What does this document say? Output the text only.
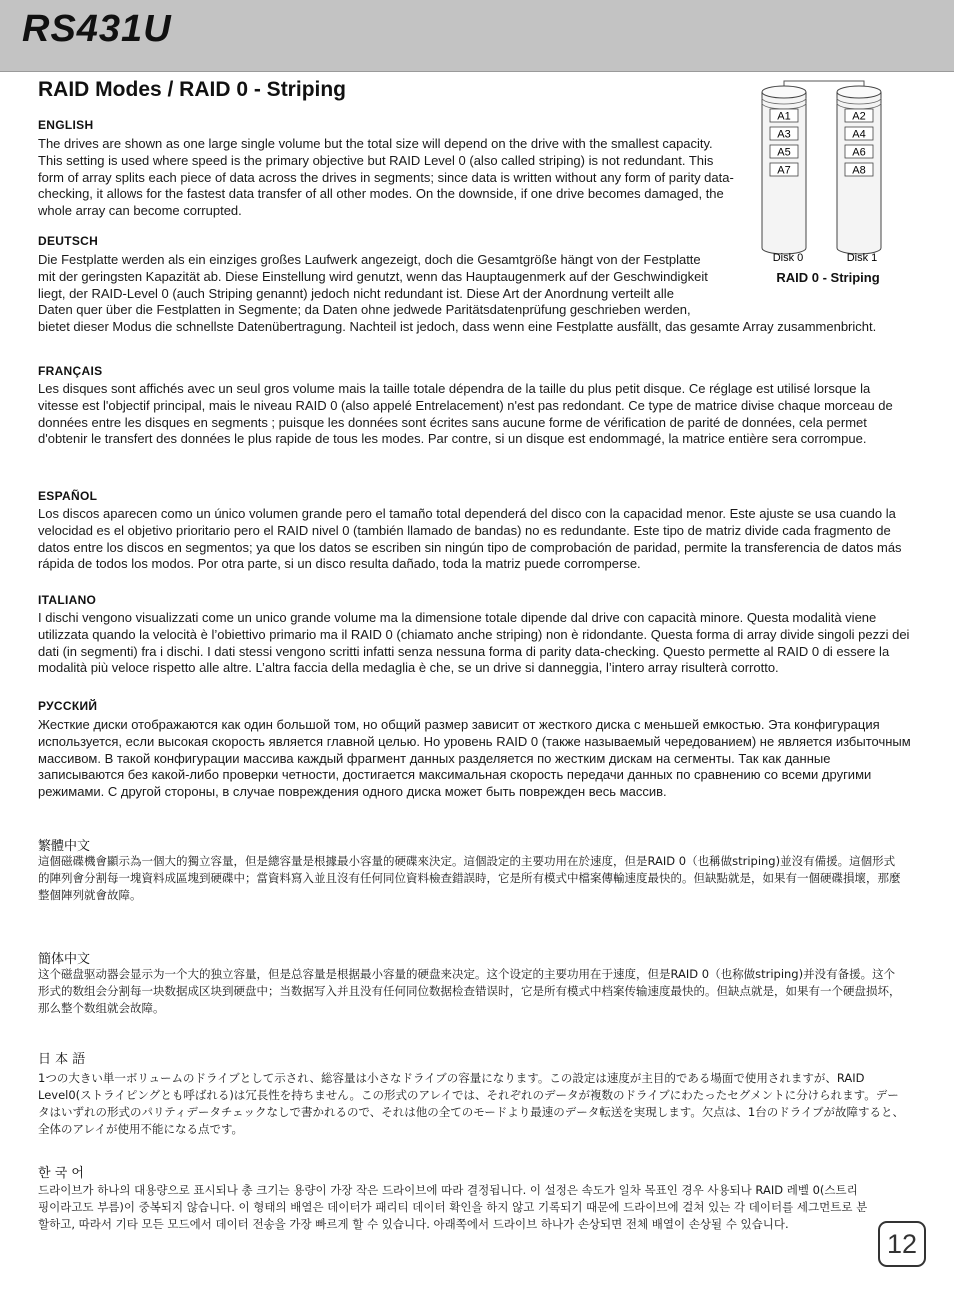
RS431U
RAID Modes / RAID 0 - Striping
A1
A3
A5
A7
A2
A4
A6
A8
Disk 0	Disk 1

RAID 0 - Striping

ENGLISH

The drives are shown as one large single volume but the total size will depend on the drive with the smallest capacity. This setting is used where speed is the primary objective but RAID Level 0 (also called striping) is not redundant. This form of array splits each piece of data across the drives in segments; since data is written without any form of parity data-checking, it allows for the fastest data transfer of all other modes. On the downside, if one drive becomes damaged, the whole array can become corrupted.

DEUTSCH
Die Festplatte werden als ein einziges großes Laufwerk angezeigt, doch die Gesamtgröße hängt von der Festplatte mit der geringsten Kapazität ab. Diese Einstellung wird genutzt, wenn das Hauptaugenmerk auf der Geschwindigkeit liegt, der RAID-Level 0 (auch Striping genannt) jedoch nicht redundant ist. Diese Art der Anordnung verteilt alle Daten quer über die Festplatten in Segmente; da Daten ohne jedwede Paritätsdatenprüfung geschrieben werden, bietet dieser Modus die schnellste Datenübertragung. Nachteil ist jedoch, dass wenn eine Festplatte ausfällt, das gesamte Array zusammenbricht.
FRANÇAIS

Les disques sont affichés avec un seul gros volume mais la taille totale dépendra de la taille du plus petit disque. Ce réglage est utilisé lorsque la vitesse est l'objectif principal, mais le niveau RAID 0 (also appelé Entrelacement) n'est pas redondant. Ce type de matrice divise chaque morceau de données entre les disques en segments ; puisque les données sont écrites sans aucune forme de vérification de parité de données, cela permet d'obtenir le transfert des données le plus rapide de tous les modes. Par contre, si un disque est endommagé, la matrice entière sera corrompue.

ESPAÑOL

Los discos aparecen como un único volumen grande pero el tamaño total dependerá del disco con la capacidad menor. Este ajuste se usa cuando la velocidad es el objetivo prioritario pero el RAID nivel 0 (también llamado de bandas) no es redundante. Este tipo de matriz divide cada fragmento de datos entre los discos en segmentos; ya que los datos se escriben sin ningún tipo de comprobación de paridad, permite la transferencia de datos más rápida de todos los modos. Por otra parte, si un disco resulta dañado, toda la matriz puede corromperse.

ITALIANO

I dischi vengono visualizzati come un unico grande volume ma la dimensione totale dipende dal drive con capacità minore. Questa modalità viene utilizzata quando la velocità è l’obiettivo primario ma il RAID 0 (chiamato anche striping) non è ridondante. Questa forma di array divide singoli pezzi dei dati (in segmenti) fra i dischi. I dati stessi vengono scritti infatti senza nessuna forma di parity data-checking. Questo permette al RAID 0 di essere la modalità più veloce rispetto alle altre. L’altra faccia della medaglia è che, se un drive si danneggia, l’intero array risulterà corrotto.

РУССКИЙ

Жесткие диски отображаются как один большой том, но общий размер зависит от жесткого диска с меньшей емкостью. Эта конфигурация используется, если высокая скорость является главной целью. Но уровень RAID 0 (также называемый чередованием) не является избыточным массивом. В такой конфигурации массива каждый фрагмент данных разделяется по жестким дискам на сегменты. Так как данные записываются без какой-либо проверки четности, достигается максимальная скорость передачи данных по сравнению со всеми другими режимами. С другой стороны, в случае повреждения одного диска может быть поврежден весь массив.

繁體中文

這個磁碟機會顯示為一個大的獨立容量，但是總容量是根據最小容量的硬碟來決定。這個設定的主要功用在於速度，但是RAID 0（也稱做striping)並沒有備援。這個形式的陣列會分割每一塊資料成區塊到硬碟中；當資料寫入並且沒有任何同位資料檢查錯誤時，它是所有模式中檔案傳輸速度最快的。但缺點就是，如果有一個硬碟損壞，那麼整個陣列就會故障。

簡体中文

这个磁盘驱动器会显示为一个大的独立容量，但是总容量是根据最小容量的硬盘来决定。这个设定的主要功用在于速度，但是RAID 0（也称做striping)并没有备援。这个形式的数组会分割每一块数据成区块到硬盘中；当数据写入并且没有任何同位数据检查错误时，它是所有模式中档案传输速度最快的。但缺点就是，如果有一个硬盘损坏，那么整个数组就会故障。

日 本 語

1つの大きい単一ボリュームのドライブとして示され、総容量は小さなドライブの容量になります。この設定は速度が主目的である場面で使用されますが、RAID Level0(ストライピングとも呼ばれる)は冗長性を持ちません。この形式のアレイでは、それぞれのデータが複数のドライブにわたったセグメントに分けられます。データはいずれの形式のパリティデータチェックなしで書かれるので、それは他の全てのモードより最速のデータ転送を実現します。欠点は、1台のドライブが故障すると、全体のアレイが使用不能になる点です。

한 국 어

드라이브가 하나의 대용량으로 표시되나 총 크기는 용량이 가장 작은 드라이브에 따라 결정됩니다. 이 설정은 속도가 일차 목표인 경우 사용되나 RAID 레벨 0(스트리핑이라고도 부름)이 중복되지 않습니다. 이 형태의 배열은 데이터가 패리티 데이터 확인을 하지 않고 기록되기 때문에 드라이브에 걸쳐 있는 각 데이터를 세그먼트로 분할하고, 따라서 기타 모든 모드에서 데이터 전송을 가장 빠르게 할 수 있습니다. 아래쪽에서 드라이브 하나가 손상되면 전체 배열이 손상될 수 있습니다.

12
